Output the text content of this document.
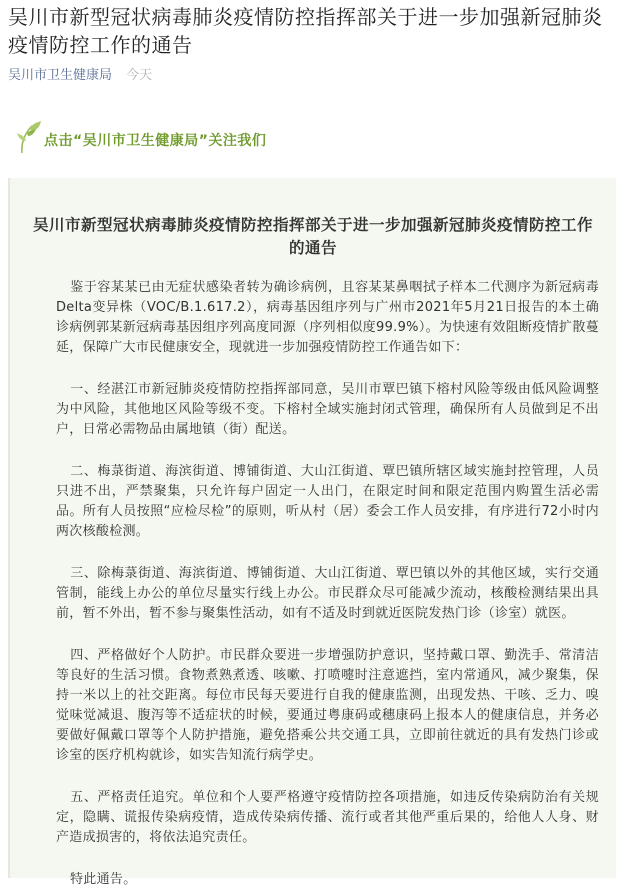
吴川市新型冠状病毒肺炎疫情防控指挥部关于进一步加强新冠肺炎疫情防控工作的通告
吴川市卫生健康局 今天
点击“吴川市卫生健康局”关注我们
吴川市新型冠状病毒肺炎疫情防控指挥部关于进一步加强新冠肺炎疫情防控工作的通告

鉴于容某某已由无症状感染者转为确诊病例，且容某某鼻咽拭子样本二代测序为新冠病毒Delta变异株（VOC/B.1.617.2），病毒基因组序列与广州市2021年5月21日报告的本土确诊病例郭某新冠病毒基因组序列高度同源（序列相似度99.9%）。为快速有效阻断疫情扩散蔓延，保障广大市民健康安全，现就进一步加强疫情防控工作通告如下：

一、经湛江市新冠肺炎疫情防控指挥部同意，吴川市覃巴镇下榕村风险等级由低风险调整为中风险，其他地区风险等级不变。下榕村全域实施封闭式管理，确保所有人员做到足不出户，日常必需物品由属地镇（街）配送。

二、梅菉街道、海滨街道、博铺街道、大山江街道、覃巴镇所辖区域实施封控管理，人员只进不出，严禁聚集，只允许每户固定一人出门，在限定时间和限定范围内购置生活必需品。所有人员按照“应检尽检”的原则，听从村（居）委会工作人员安排，有序进行72小时内两次核酸检测。

三、除梅菉街道、海滨街道、博铺街道、大山江街道、覃巴镇以外的其他区域，实行交通管制，能线上办公的单位尽量实行线上办公。市民群众尽可能减少流动，核酸检测结果出具前，暂不外出，暂不参与聚集性活动，如有不适及时到就近医院发热门诊（诊室）就医。

四、严格做好个人防护。市民群众要进一步增强防护意识，坚持戴口罩、勤洗手、常清洁等良好的生活习惯。食物煮熟煮透、咳嗽、打喷嚏时注意遮挡，室内常通风，减少聚集，保持一米以上的社交距离。每位市民每天要进行自我的健康监测，出现发热、干咳、乏力、嗅觉味觉减退、腹泻等不适症状的时候，要通过粤康码或穗康码上报本人的健康信息，并务必要做好佩戴口罩等个人防护措施，避免搭乘公共交通工具，立即前往就近的具有发热门诊或诊室的医疗机构就诊，如实告知流行病学史。

五、严格责任追究。单位和个人要严格遵守疫情防控各项措施，如违反传染病防治有关规定，隐瞒、谎报传染病疫情，造成传染病传播、流行或者其他严重后果的，给他人人身、财产造成损害的，将依法追究责任。

特此通告。
